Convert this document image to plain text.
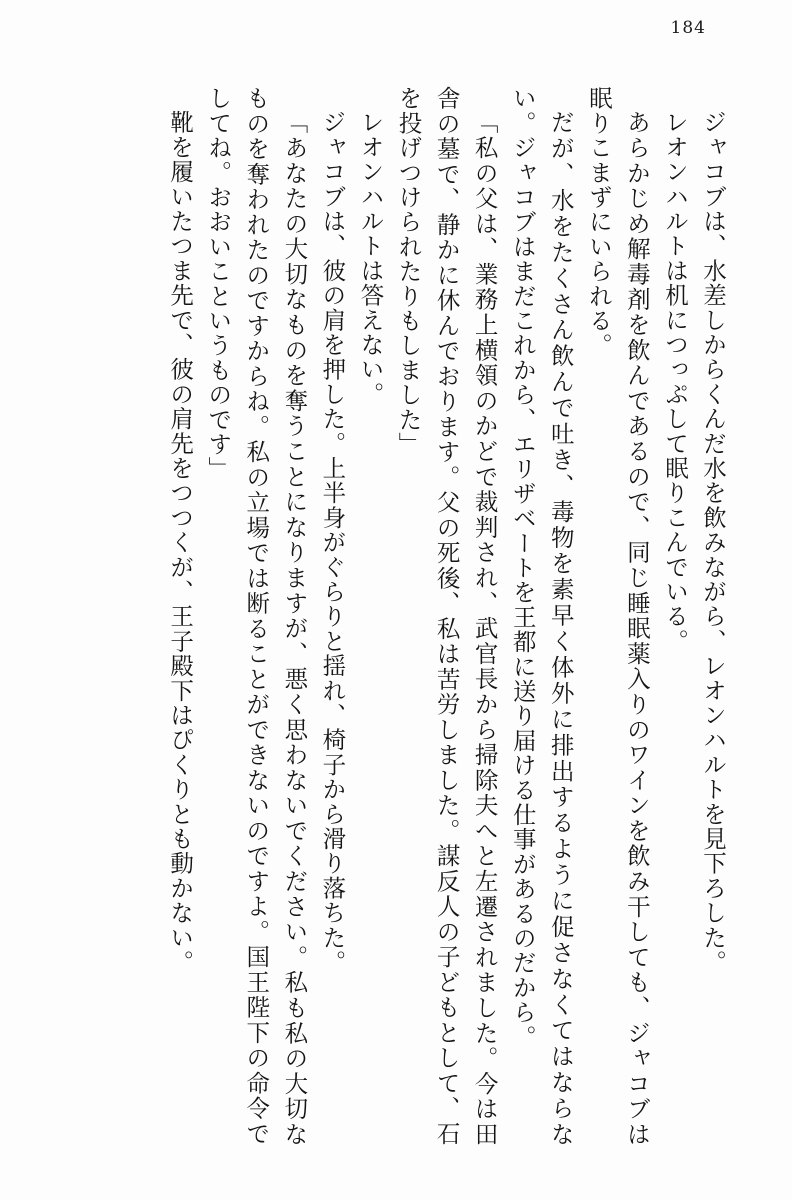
184
ジャコブは、水差しからくんだ水を飲みながら、レオンハルトを見下ろした。
レオンハルトは机につっぷして眠りこんでいる。
あらかじめ解毒剤を飲んであるので、同じ睡眠薬入りのワインを飲み干しても、ジャコブは眠りこまずにいられる。
だが、水をたくさん飲んで吐き、毒物を素早く体外に排出するように促さなくてはならない。ジャコブはまだこれから、エリザベートを王都に送り届ける仕事があるのだから。
「私の父は、業務上横領のかどで裁判され、武官長から掃除夫へと左遷されました。今は田舎の墓で、静かに休んでおります。父の死後、私は苦労しました。謀反人の子どもとして、石を投げつけられたりもしました」
レオンハルトは答えない。
ジャコブは、彼の肩を押した。上半身がぐらりと揺れ、椅子から滑り落ちた。
「あなたの大切なものを奪うことになりますが、悪く思わないでください。私も私の大切なものを奪われたのですからね。私の立場では断ることができないのですよ。国王陛下の命令でしてね。おおいこというものです」
靴を履いたつま先で、彼の肩先をつつくが、王子殿下はぴくりとも動かない。
